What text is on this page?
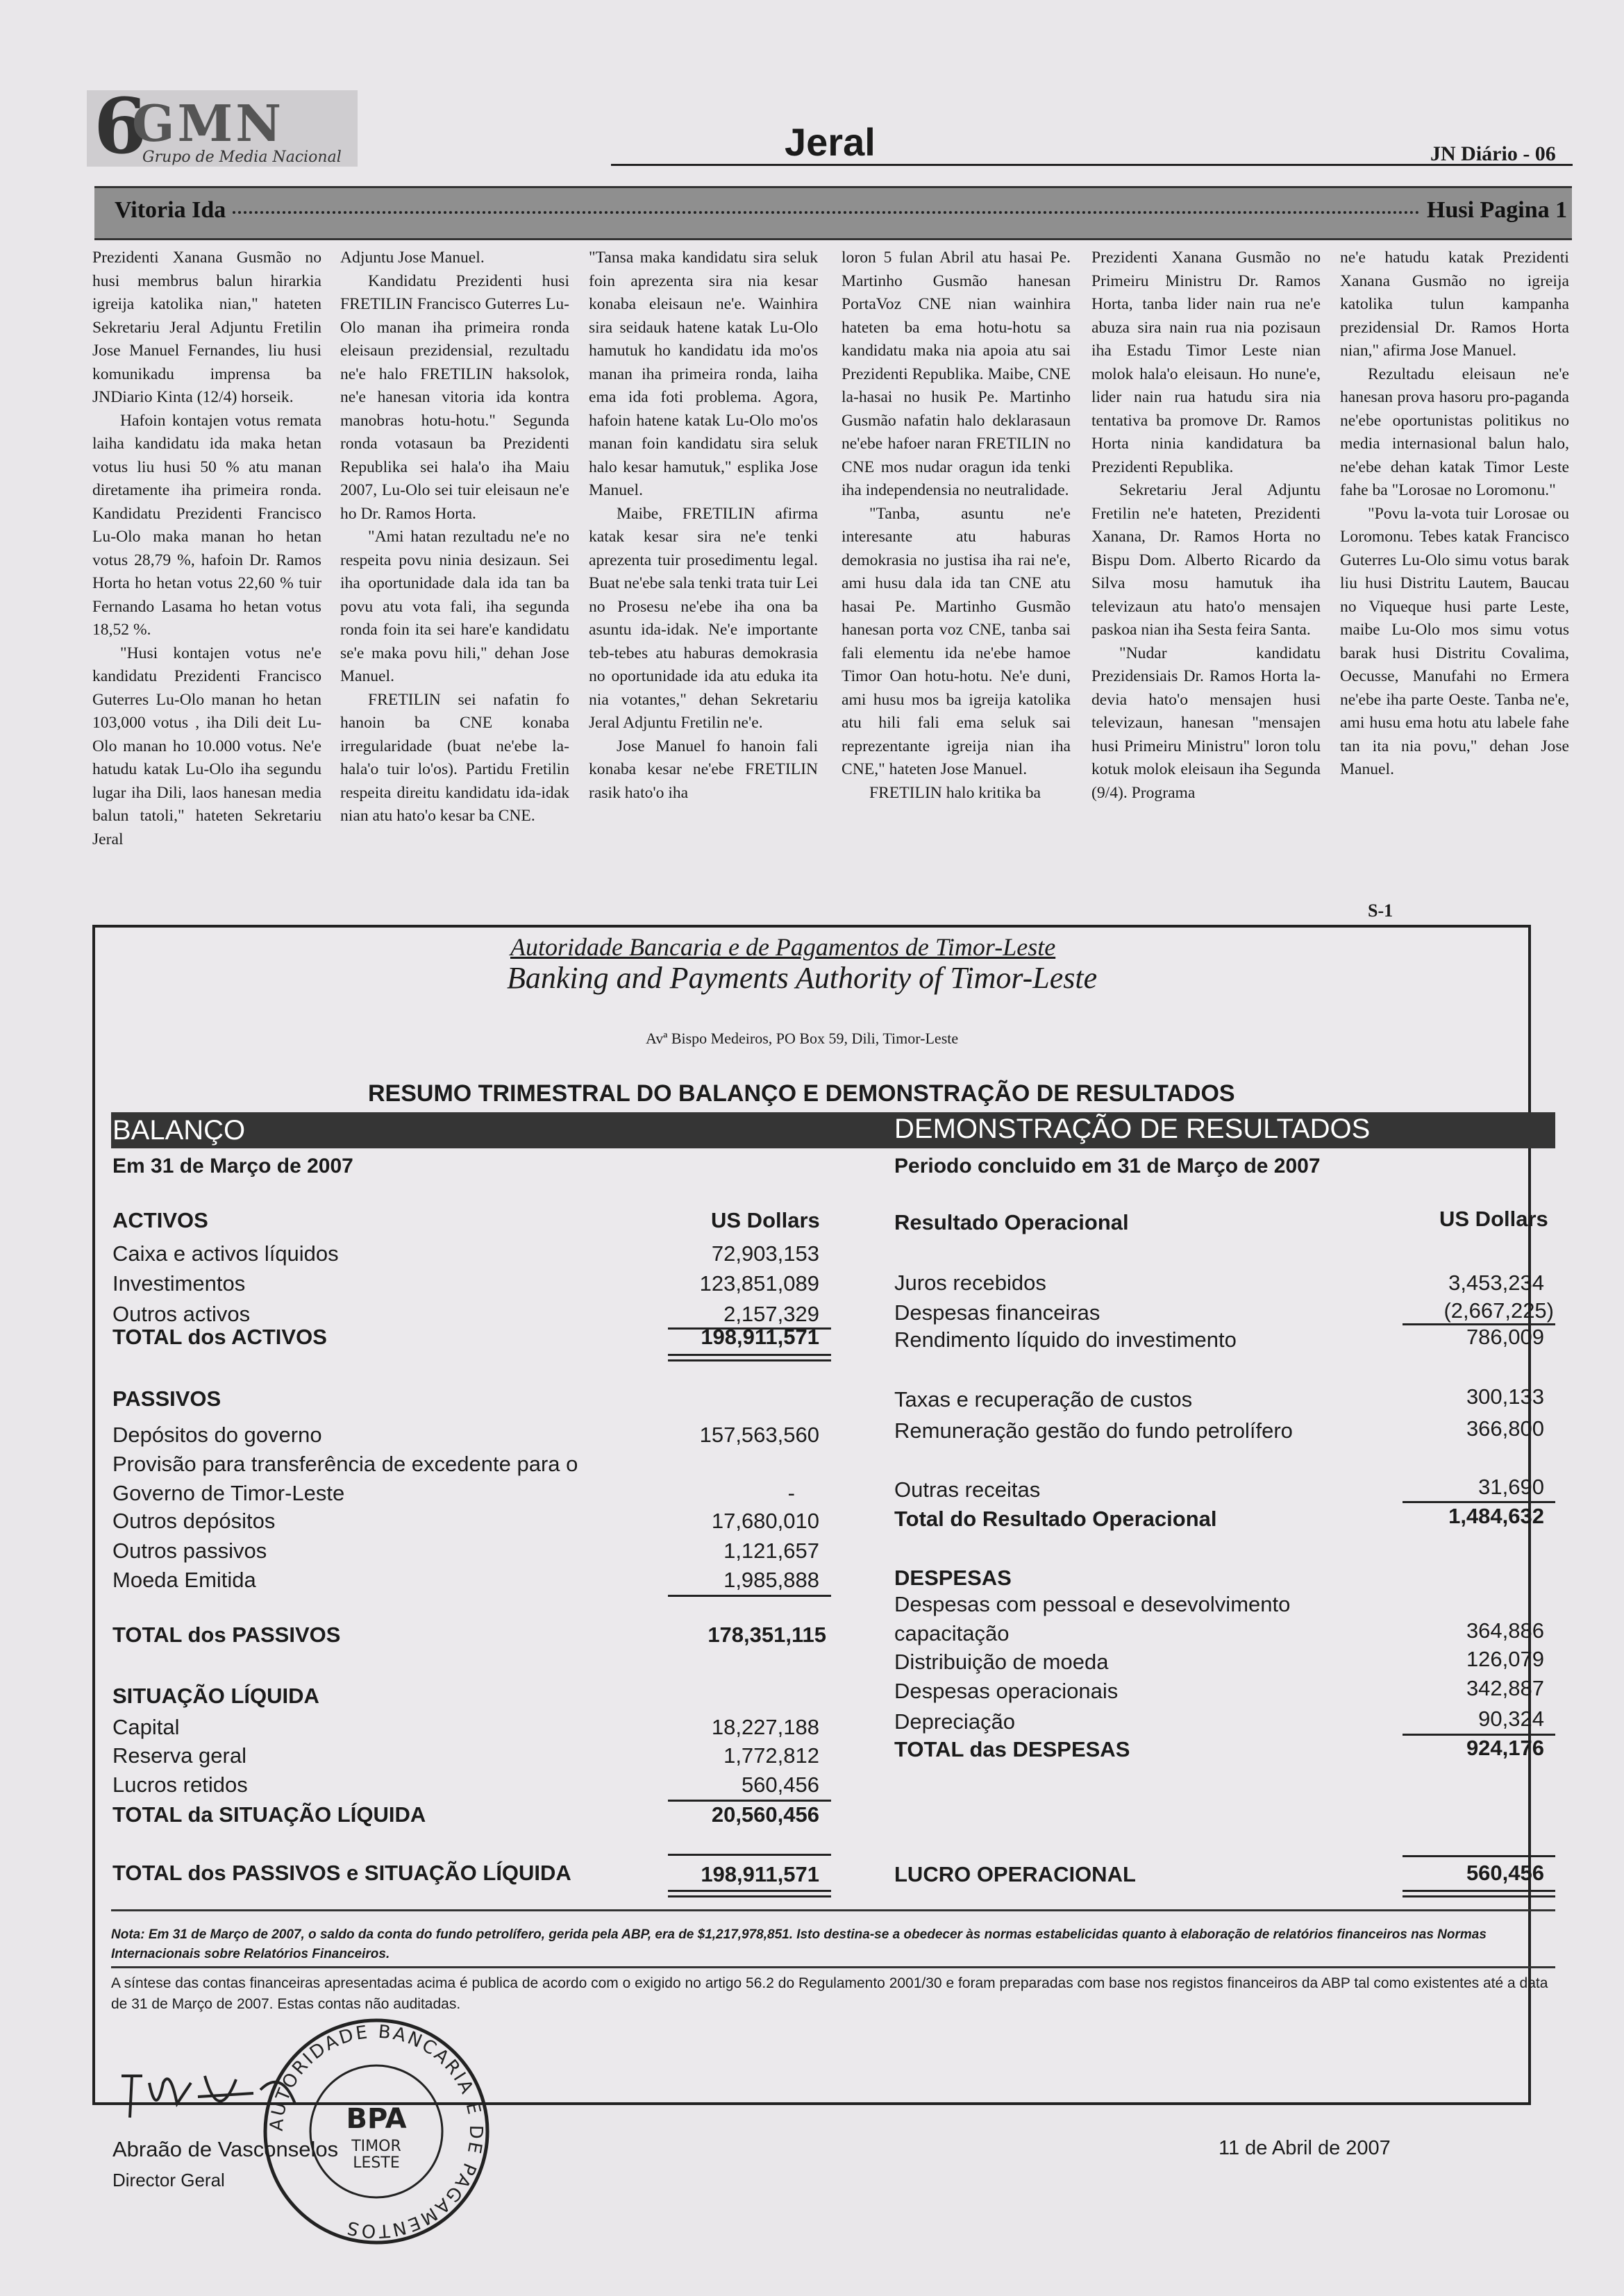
6
GMN
Grupo de Media Nacional	Jeral	JN Diário - 06
Vitoria Ida	Husi Pagina 1

Prezidenti Xanana Gusmão no husi membrus balun hirarkia igreija katolika nian," hateten Sekretariu Jeral Adjuntu Fretilin Jose Manuel Fernandes, liu husi komunikadu imprensa ba JNDiario Kinta (12/4) horseik.

Hafoin kontajen votus remata laiha kandidatu ida maka hetan votus liu husi 50 % atu manan diretamente iha primeira ronda. Kandidatu Prezidenti Francisco Lu-Olo maka manan ho hetan votus 28,79 %, hafoin Dr. Ramos Horta ho hetan votus 22,60 % tuir Fernando Lasama ho hetan votus 18,52 %.

"Husi kontajen votus ne'e kandidatu Prezidenti Francisco Guterres Lu-Olo manan ho hetan 103,000 votus , iha Dili deit Lu-Olo manan ho 10.000 votus. Ne'e hatudu katak Lu-Olo iha segundu lugar iha Dili, laos hanesan media balun tatoli," hateten Sekretariu Jeral

Adjuntu Jose Manuel.

Kandidatu Prezidenti husi FRETILIN Francisco Guterres Lu-Olo manan iha primeira ronda eleisaun prezidensial, rezultadu ne'e halo FRETILIN haksolok, ne'e hanesan vitoria ida kontra manobras hotu-hotu." Segunda ronda votasaun ba Prezidenti Republika sei hala'o iha Maiu 2007, Lu-Olo sei tuir eleisaun ne'e ho Dr. Ramos Horta.

"Ami hatan rezultadu ne'e no respeita povu ninia desizaun. Sei iha oportunidade dala ida tan ba povu atu vota fali, iha segunda ronda foin ita sei hare'e kandidatu se'e maka povu hili," dehan Jose Manuel.

FRETILIN sei nafatin fo hanoin ba CNE konaba irregularidade (buat ne'ebe la-hala'o tuir lo'os). Partidu Fretilin respeita direitu kandidatu ida-idak nian atu hato'o kesar ba CNE.

"Tansa maka kandidatu sira seluk foin aprezenta sira nia kesar konaba eleisaun ne'e. Wainhira sira seidauk hatene katak Lu-Olo hamutuk ho kandidatu ida mo'os manan iha primeira ronda, laiha ema ida foti problema. Agora, hafoin hatene katak Lu-Olo mo'os manan foin kandidatu sira seluk halo kesar hamutuk," esplika Jose Manuel.

Maibe, FRETILIN afirma katak kesar sira ne'e tenki aprezenta tuir prosedimentu legal. Buat ne'ebe sala tenki trata tuir Lei no Prosesu ne'ebe iha ona ba asuntu ida-idak. Ne'e importante teb-tebes atu haburas demokrasia no oportunidade ida atu eduka ita nia votantes," dehan Sekretariu Jeral Adjuntu Fretilin ne'e.

Jose Manuel fo hanoin fali konaba kesar ne'ebe FRETILIN rasik hato'o iha

loron 5 fulan Abril atu hasai Pe. Martinho Gusmão hanesan PortaVoz CNE nian wainhira hateten ba ema hotu-hotu sa kandidatu maka nia apoia atu sai Prezidenti Republika. Maibe, CNE la-hasai no husik Pe. Martinho Gusmão nafatin halo deklarasaun ne'ebe hafoer naran FRETILIN no CNE mos nudar oragun ida tenki iha independensia no neutralidade.

"Tanba, asuntu ne'e interesante atu haburas demokrasia no justisa iha rai ne'e, ami husu dala ida tan CNE atu hasai Pe. Martinho Gusmão hanesan porta voz CNE, tanba sai fali elementu ida ne'ebe hamoe Timor Oan hotu-hotu. Ne'e duni, ami husu mos ba igreija katolika atu hili fali ema seluk sai reprezentante igreija nian iha CNE," hateten Jose Manuel.

FRETILIN halo kritika ba

Prezidenti Xanana Gusmão no Primeiru Ministru Dr. Ramos Horta, tanba lider nain rua ne'e abuza sira nain rua nia pozisaun iha Estadu Timor Leste nian molok hala'o eleisaun. Ho nune'e, lider nain rua hatudu sira nia tentativa ba promove Dr. Ramos Horta ninia kandidatura ba Prezidenti Republika.

Sekretariu Jeral Adjuntu Fretilin ne'e hateten, Prezidenti Xanana, Dr. Ramos Horta no Bispu Dom. Alberto Ricardo da Silva mosu hamutuk iha televizaun atu hato'o mensajen paskoa nian iha Sesta feira Santa.

"Nudar kandidatu Prezidensiais Dr. Ramos Horta la-devia hato'o mensajen husi televizaun, hanesan "mensajen husi Primeiru Ministru" loron tolu kotuk molok eleisaun iha Segunda (9/4). Programa

ne'e hatudu katak Prezidenti Xanana Gusmão no igreija katolika tulun kampanha prezidensial Dr. Ramos Horta nian," afirma Jose Manuel.

Rezultadu eleisaun ne'e hanesan prova hasoru pro-paganda ne'ebe oportunistas politikus no media internasional balun halo, ne'ebe dehan katak Timor Leste fahe ba "Lorosae no Loromonu."

"Povu la-vota tuir Lorosae ou Loromonu. Tebes katak Francisco Guterres Lu-Olo simu votus barak liu husi Distritu Lautem, Baucau no Viqueque husi parte Leste, maibe Lu-Olo mos simu votus barak husi Distritu Covalima, Oecusse, Manufahi no Ermera ne'ebe iha parte Oeste. Tanba ne'e, ami husu ema hotu atu labele fahe tan ita nia povu," dehan Jose Manuel.

S-1
Autoridade Bancaria e de Pagamentos de Timor-Leste
Banking and Payments Authority of Timor-Leste
Avª Bispo Medeiros, PO Box 59, Dili, Timor-Leste
RESUMO TRIMESTRAL DO BALANÇO E DEMONSTRAÇÃO DE RESULTADOS
BALANÇO	DEMONSTRAÇÃO DE RESULTADOS
Em 31 de Março de 2007	Periodo concluido em 31 de Março de 2007
ACTIVOS	US Dollars
Caixa e activos líquidos	72,903,153
Investimentos	123,851,089
Outros activos	2,157,329
TOTAL dos ACTIVOS	198,911,571
PASSIVOS
Depósitos do governo	157,563,560
Provisão para transferência de excedente para o
Governo de Timor-Leste	-
Outros depósitos	17,680,010
Outros passivos	1,121,657
Moeda Emitida	1,985,888
TOTAL dos PASSIVOS	178,351,115
SITUAÇÃO LÍQUIDA
Capital	18,227,188
Reserva geral	1,772,812
Lucros retidos	560,456
TOTAL da SITUAÇÃO LÍQUIDA	20,560,456
TOTAL dos PASSIVOS e SITUAÇÃO LÍQUIDA	198,911,571
Resultado Operacional	US Dollars
Juros recebidos	3,453,234
Despesas financeiras	(2,667,225)
Rendimento líquido do investimento	786,009
Taxas e recuperação de custos	300,133
Remuneração gestão do fundo petrolífero	366,800
Outras receitas	31,690
Total do Resultado Operacional	1,484,632
DESPESAS
Despesas com pessoal e desevolvimento
capacitação	364,886
Distribuição de moeda	126,079
Despesas operacionais	342,887
Depreciação	90,324
TOTAL das DESPESAS	924,176
LUCRO OPERACIONAL	560,456
Nota: Em 31 de Março de 2007, o saldo da conta do fundo petrolífero, gerida pela ABP, era de $1,217,978,851. Isto destina-se a obedecer às normas estabelicidas quanto à elaboração de relatórios financeiros nas Normas Internacionais sobre Relatórios Financeiros.
A síntese das contas financeiras apresentadas acima é publica de acordo com o exigido no artigo 56.2 do Regulamento 2001/30 e foram preparadas com base nos registos financeiros da ABP tal como existentes até a data de 31 de Março de 2007. Estas contas não auditadas.
AUTORIDADE BANCARIA E DE PAGAMENTOS
BPA
TIMOR
LESTE
Abraão de Vasconselos
Director Geral
11 de Abril de 2007
